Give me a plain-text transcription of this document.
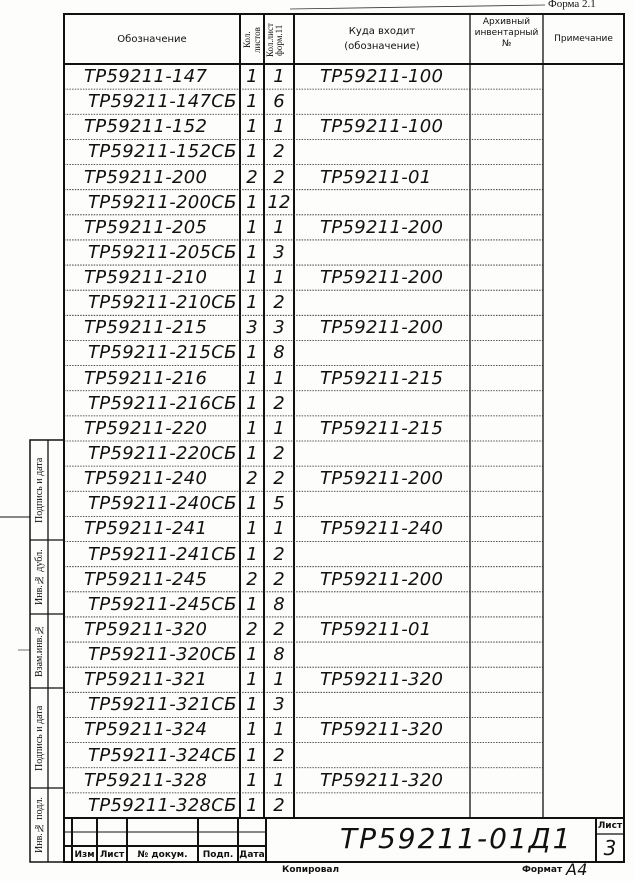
Форма 2.1
Обозначение	Кол. листов Кол.лист форм.11	Куда входит
(обозначение)
Архивный
инвентарный
№	Примечание
ТР59211-147	1 1	ТР59211-100
ТР59211-147СБ 1 6
ТР59211-152	1 1	ТР59211-100
ТР59211-152СБ 1 2
ТР59211-200	2 2	ТР59211-01
ТР59211-200СБ 1 12
ТР59211-205	1 1	ТР59211-200
ТР59211-205СБ 1 3
ТР59211-210	1 1	ТР59211-200
ТР59211-210СБ 1 2
ТР59211-215	3 3	ТР59211-200
ТР59211-215СБ 1 8
ТР59211-216	1 1	ТР59211-215
ТР59211-216СБ 1 2
ТР59211-220	1 1	ТР59211-215
ТР59211-220СБ 1 2
ТР59211-240	2 2	ТР59211-200
ТР59211-240СБ 1 5
ТР59211-241	1 1	ТР59211-240
ТР59211-241СБ 1 2
ТР59211-245	2 2	ТР59211-200
ТР59211-245СБ 1 8
ТР59211-320	2 2	ТР59211-01
ТР59211-320СБ 1 8
ТР59211-321	1 1	ТР59211-320
ТР59211-321СБ 1 3
ТР59211-324	1 1	ТР59211-320
ТР59211-324СБ 1 2
ТР59211-328	1 1	ТР59211-320
ТР59211-328СБ 1 2
Подпись и дата
Инв.№ дубл.
Взам.инв.№
Подпись и дата
Инв.№ подл.
Изм Лист	№ докум.	Подп. Дата	ТР59211-01Д1	Лист
3
Копировал	Формат А4
